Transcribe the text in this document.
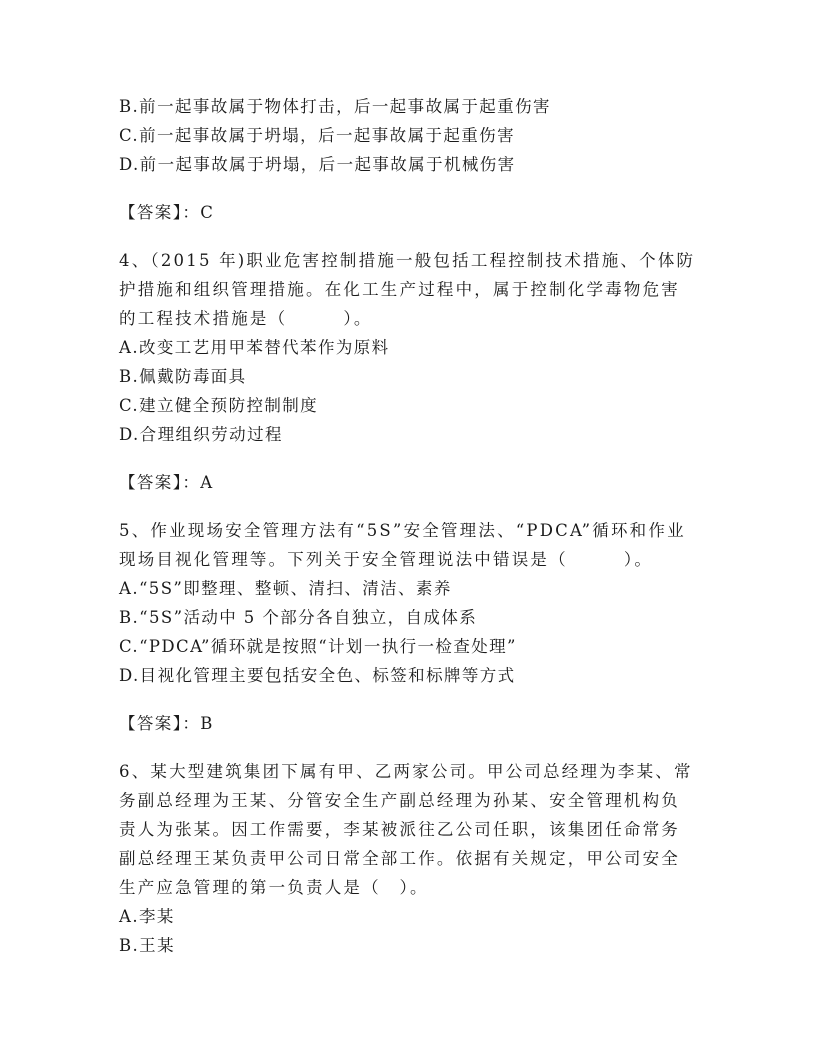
B.前一起事故属于物体打击，后一起事故属于起重伤害
C.前一起事故属于坍塌，后一起事故属于起重伤害
D.前一起事故属于坍塌，后一起事故属于机械伤害
【答案】：C
4、（2015 年)职业危害控制措施一般包括工程控制技术措施、个体防
护措施和组织管理措施。在化工生产过程中，属于控制化学毒物危害
的工程技术措施是（　　　）。
A.改变工艺用甲苯替代苯作为原料
B.佩戴防毒面具
C.建立健全预防控制制度
D.合理组织劳动过程
【答案】：A
5、作业现场安全管理方法有“5S”安全管理法、“PDCA”循环和作业
现场目视化管理等。下列关于安全管理说法中错误是（　　　）。
A.“5S”即整理、整顿、清扫、清洁、素养
B.“5S”活动中 5 个部分各自独立，自成体系
C.“PDCA”循环就是按照“计划一执行一检查处理”
D.目视化管理主要包括安全色、标签和标牌等方式
【答案】：B
6、某大型建筑集团下属有甲、乙两家公司。甲公司总经理为李某、常
务副总经理为王某、分管安全生产副总经理为孙某、安全管理机构负
责人为张某。因工作需要，李某被派往乙公司任职，该集团任命常务
副总经理王某负责甲公司日常全部工作。依据有关规定，甲公司安全
生产应急管理的第一负责人是（　）。
A.李某
B.王某
